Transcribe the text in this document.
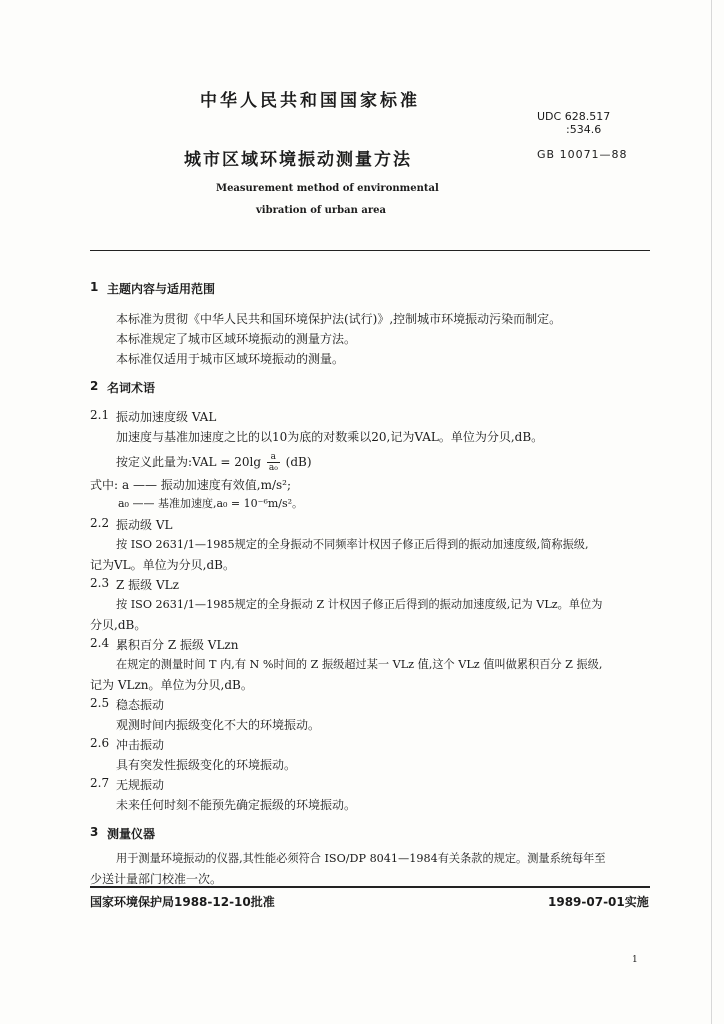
中华人民共和国国家标准
UDC 628.517
:534.6
城市区域环境振动测量方法	GB 10071—88
Measurement method of environmental
vibration of urban area
1 主题内容与适用范围
本标准为贯彻《中华人民共和国环境保护法(试行)》,控制城市环境振动污染而制定。
本标准规定了城市区域环境振动的测量方法。
本标准仅适用于城市区域环境振动的测量。
2 名词术语
2.1 振动加速度级 VAL
加速度与基准加速度之比的以10为底的对数乘以20,记为VAL。单位为分贝,dB。
按定义此量为:VAL = $20\lg \frac{a}{\text{a₀}} (dB)$
式中: a —— 振动加速度有效值,m/s²;
a₀ —— 基准加速度,a₀ = 10⁻⁶m/s²。
2.2 振动级 VL
按 ISO 2631/1—1985规定的全身振动不同频率计权因子修正后得到的振动加速度级,简称振级,
记为VL。单位为分贝,dB。
2.3 Z 振级 VLz
按 ISO 2631/1—1985规定的全身振动 Z 计权因子修正后得到的振动加速度级,记为 VLz。单位为
分贝,dB。
2.4 累积百分 Z 振级 VLzn
在规定的测量时间 T 内,有 N %时间的 Z 振级超过某一 VLz 值,这个 VLz 值叫做累积百分 Z 振级,
记为 VLzn。单位为分贝,dB。
2.5 稳态振动
观测时间内振级变化不大的环境振动。
2.6 冲击振动
具有突发性振级变化的环境振动。
2.7 无规振动
未来任何时刻不能预先确定振级的环境振动。
3 测量仪器
用于测量环境振动的仪器,其性能必须符合 ISO/DP 8041—1984有关条款的规定。测量系统每年至
少送计量部门校准一次。
国家环境保护局1988-12-10批准	1989-07-01实施
1
